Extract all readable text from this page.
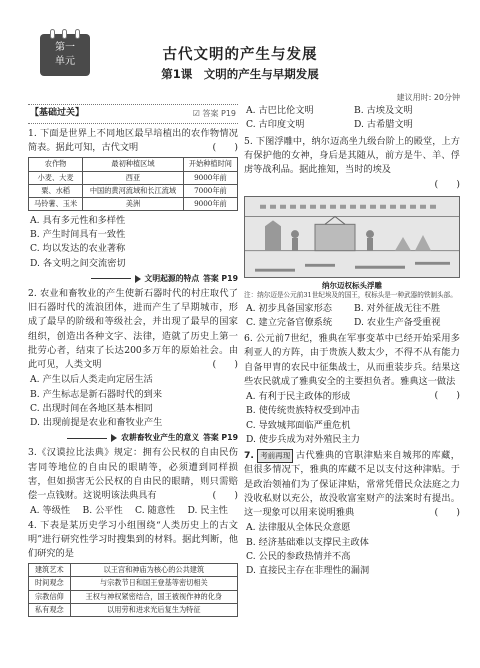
第一
单元	古代文明的产生与发展
第1课　文明的产生与早期发展
建议用时: 20分钟
【基础过关】	☑ 答案 P19
1. 下面是世界上不同地区最早培植出的农作物情况简表。据此可知，古代文明	(　　)
农作物	最初种植区域	开始种植时间
小麦、大麦	西亚	9000年前
粟、水稻	中国的黄河流域和长江流域	7000年前
马铃薯、玉米	美洲	9000年前
A. 具有多元性和多样性
B. 产生时间具有一致性
C. 均以发达的农业著称
D. 各文明之间交流密切
文明起源的特点 答案 P19
2. 农业和畜牧业的产生使新石器时代的村庄取代了旧石器时代的流浪团体，进而产生了早期城市，形成了最早的阶级和等级社会，并出现了最早的国家组织，创造出各种文字、法律，造就了历史上第一批劳心者，结束了长达200多万年的原始社会。由此可见，人类文明	(　　)
A. 产生以后人类走向定居生活
B. 产生标志是新石器时代的到来
C. 出现时间在各地区基本相同
D. 出现前提是农业和畜牧业产生
农耕畜牧业产生的意义 答案 P19
3.《汉谟拉比法典》规定：拥有公民权的自由民伤害同等地位的自由民的眼睛等，必须遭到同样损害，但如损害无公民权的自由民的眼睛，则只需赔偿一点钱财。这说明该法典具有	(　　)
A. 等级性	B. 公平性	C. 随意性	D. 民主性
4. 下表是某历史学习小组围绕“人类历史上的古文明”进行研究性学习时搜集到的材料。据此判断，他们研究的是
建筑艺术	以王宫和神庙为核心的公共建筑
时间观念	与宗教节日和国王登基等密切相关
宗教信仰	王权与神权紧密结合，国王被视作神的化身
私有观念	以用劳和进求光后复生为特征
A. 古巴比伦文明	B. 古埃及文明
C. 古印度文明	D. 古希腊文明
5. 下图浮雕中，纳尔迈高坐九级台阶上的殿堂，上方有保护他的女神，身后是其随从，前方是牛、羊、俘虏等战利品。据此推知，当时的埃及
(　　)
纳尔迈权标头浮雕
注：纳尔迈是公元前31世纪埃及的国王，权标头是一种武器的铁制头部。
A. 初步具备国家形态	B. 对外征战无往不胜
C. 建立完备官僚系统	D. 农业生产备受重视
6. 公元前7世纪，雅典在军事变革中已经开始采用多利亚人的方阵，由于贵族人数太少，不得不从有能力自备甲胄的农民中征集战士，从而重装步兵。结果这些农民就成了雅典安全的主要担负者。雅典这一做法
(　　)
A. 有利于民主政体的形成
B. 使传统贵族特权受到冲击
C. 导致城邦面临严重危机
D. 使步兵成为对外殖民主力
7. 考前再现 古代雅典的官职津贴来自城邦的库藏，但很多情况下，雅典的库藏不足以支付这种津贴。于是政治领袖们为了保证津贴，常常凭借民众法庭之力没收私财以充公，故没收富室财产的法案时有提出。这一现象可以用来说明雅典	(　　)
A. 法律服从全体民众意愿
B. 经济基础难以支撑民主政体
C. 公民的参政热情并不高
D. 直接民主存在非理性的漏洞
